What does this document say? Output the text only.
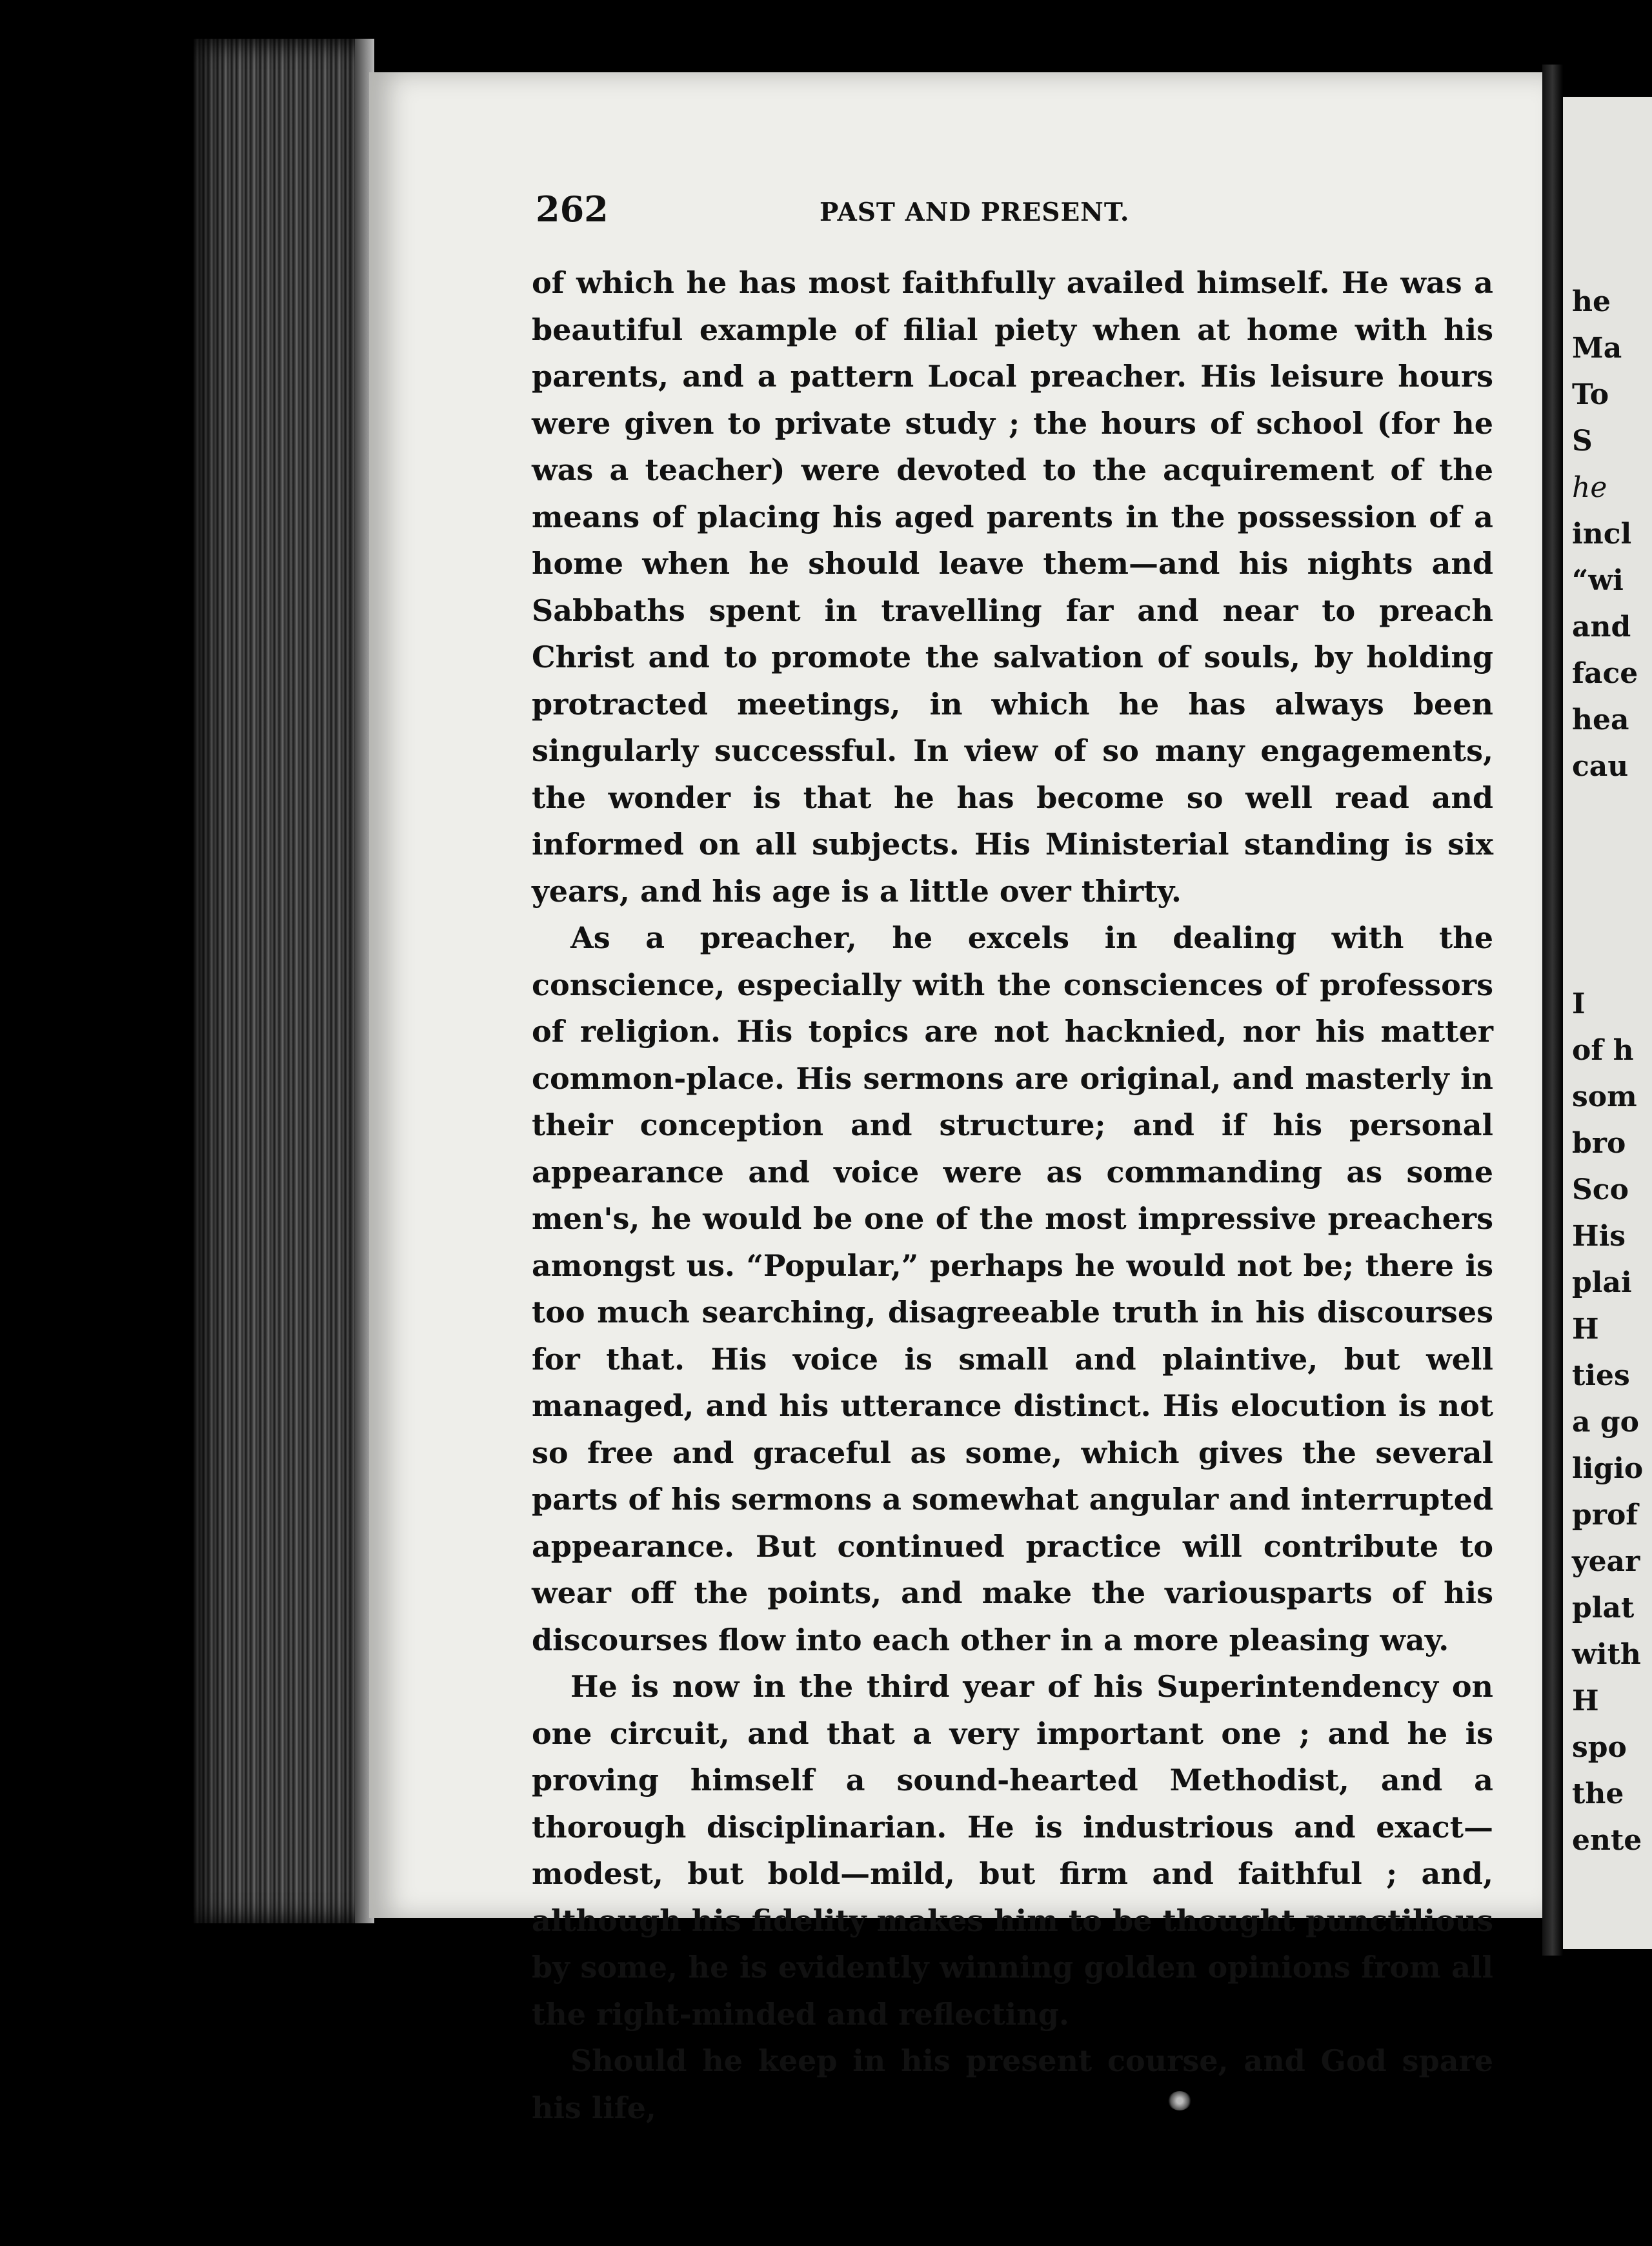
262	PAST AND PRESENT.

of which he has most faithfully availed himself. He was a beautiful example of filial piety when at home with his parents, and a pattern Local preacher. His leisure hours were given to private study ; the hours of school (for he was a teacher) were devoted to the acquirement of the means of placing his aged parents in the possession of a home when he should leave them—and his nights and Sabbaths spent in travelling far and near to preach Christ and to promote the salvation of souls, by holding protracted meetings, in which he has always been singularly successful. In view of so many engagements, the wonder is that he has become so well read and informed on all subjects. His Ministerial standing is six years, and his age is a little over thirty.

As a preacher, he excels in dealing with the conscience, especially with the consciences of professors of religion. His topics are not hacknied, nor his matter common-place. His sermons are original, and masterly in their conception and structure; and if his personal appearance and voice were as commanding as some men's, he would be one of the most impressive preachers amongst us. “Popular,” perhaps he would not be; there is too much searching, disagreeable truth in his discourses for that. His voice is small and plaintive, but well managed, and his utterance distinct. His elocution is not so free and graceful as some, which gives the several parts of his sermons a somewhat angular and interrupted appearance. But continued practice will contribute to wear off the points, and make the variousparts of his discourses flow into each other in a more pleasing way.

He is now in the third year of his Superintendency on one circuit, and that a very important one ; and he is proving himself a sound-hearted Methodist, and a thorough disciplinarian. He is industrious and exact—modest, but bold—mild, but firm and faithful ; and, although his fidelity makes him to be thought punctilious by some, he is evidently winning golden opinions from all the right-minded and reflecting.

Should he keep in his present course, and God spare his life,

he
Ma
To
S
he
incl
“wi
and
face
hea
cau
I
of h
som
bro
Sco
His
plai
H
ties
a go
ligio
prof
year
plat
with
H
spo
the
ente
